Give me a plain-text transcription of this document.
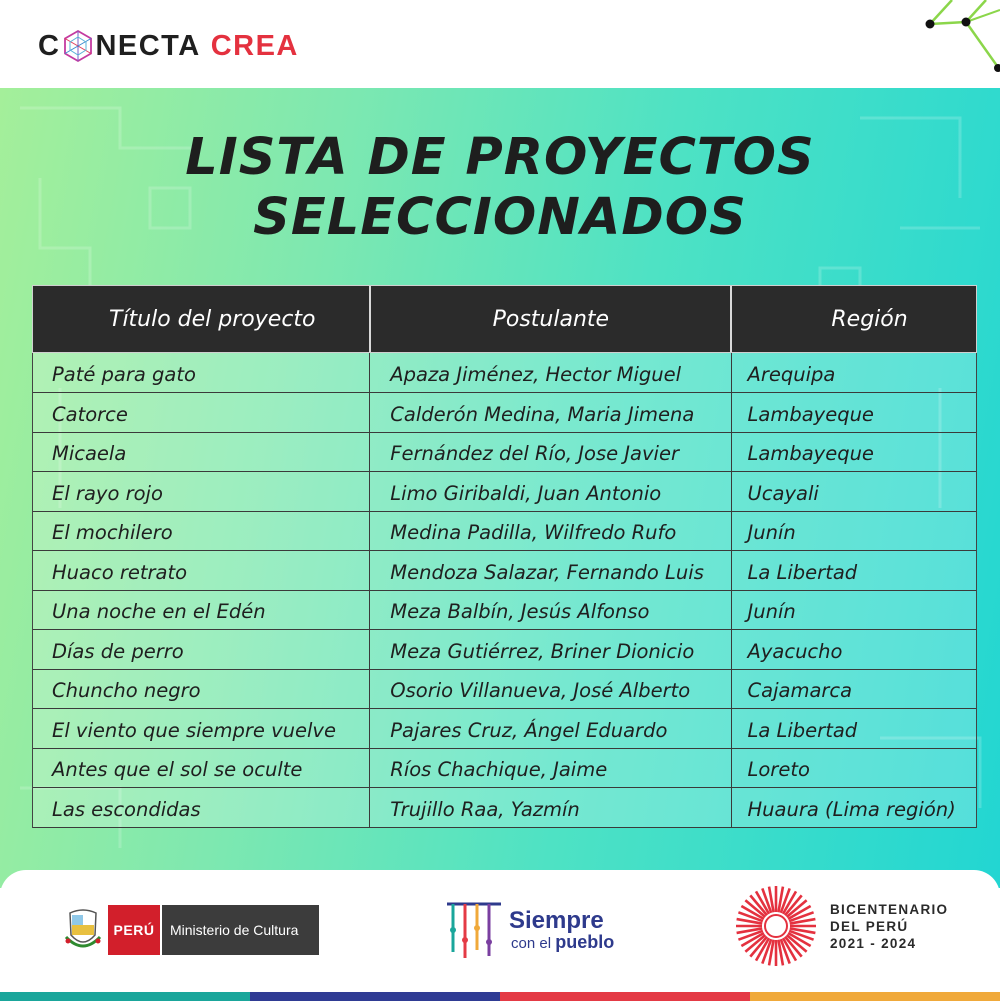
C NECTA CREA
LISTA DE PROYECTOS
SELECCIONADOS
Título del proyecto	Postulante	Región
Paté para gato	Apaza Jiménez, Hector Miguel	Arequipa
Catorce	Calderón Medina, Maria Jimena	Lambayeque
Micaela	Fernández del Río, Jose Javier	Lambayeque
El rayo rojo	Limo Giribaldi, Juan Antonio	Ucayali
El mochilero	Medina Padilla, Wilfredo Rufo	Junín
Huaco retrato	Mendoza Salazar, Fernando Luis	La Libertad
Una noche en el Edén	Meza Balbín, Jesús Alfonso	Junín
Días de perro	Meza Gutiérrez, Briner Dionicio	Ayacucho
Chuncho negro	Osorio Villanueva, José Alberto	Cajamarca
El viento que siempre vuelve	Pajares Cruz, Ángel Eduardo	La Libertad
Antes que el sol se oculte	Ríos Chachique, Jaime	Loreto
Las escondidas	Trujillo Raa, Yazmín	Huaura (Lima región)
PERÚ	Ministerio de Cultura	Siempre
con el pueblo
BICENTENARIO
DEL PERÚ
2021 - 2024
